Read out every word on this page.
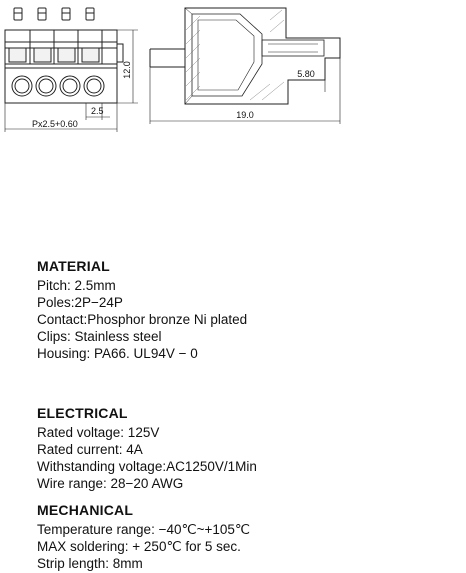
12.0
2.5
Px2.5+0.60
19.0
5.80
MATERIAL
Pitch: 2.5mm
Poles:2P−24P
Contact:Phosphor bronze Ni plated
Clips: Stainless steel
Housing: PA66. UL94V − 0
ELECTRICAL
Rated voltage: 125V
Rated current: 4A
Withstanding voltage:AC1250V/1Min
Wire range: 28−20 AWG
MECHANICAL
Temperature range: −40℃~+105℃
MAX soldering: + 250℃ for 5 sec.
Strip length: 8mm
